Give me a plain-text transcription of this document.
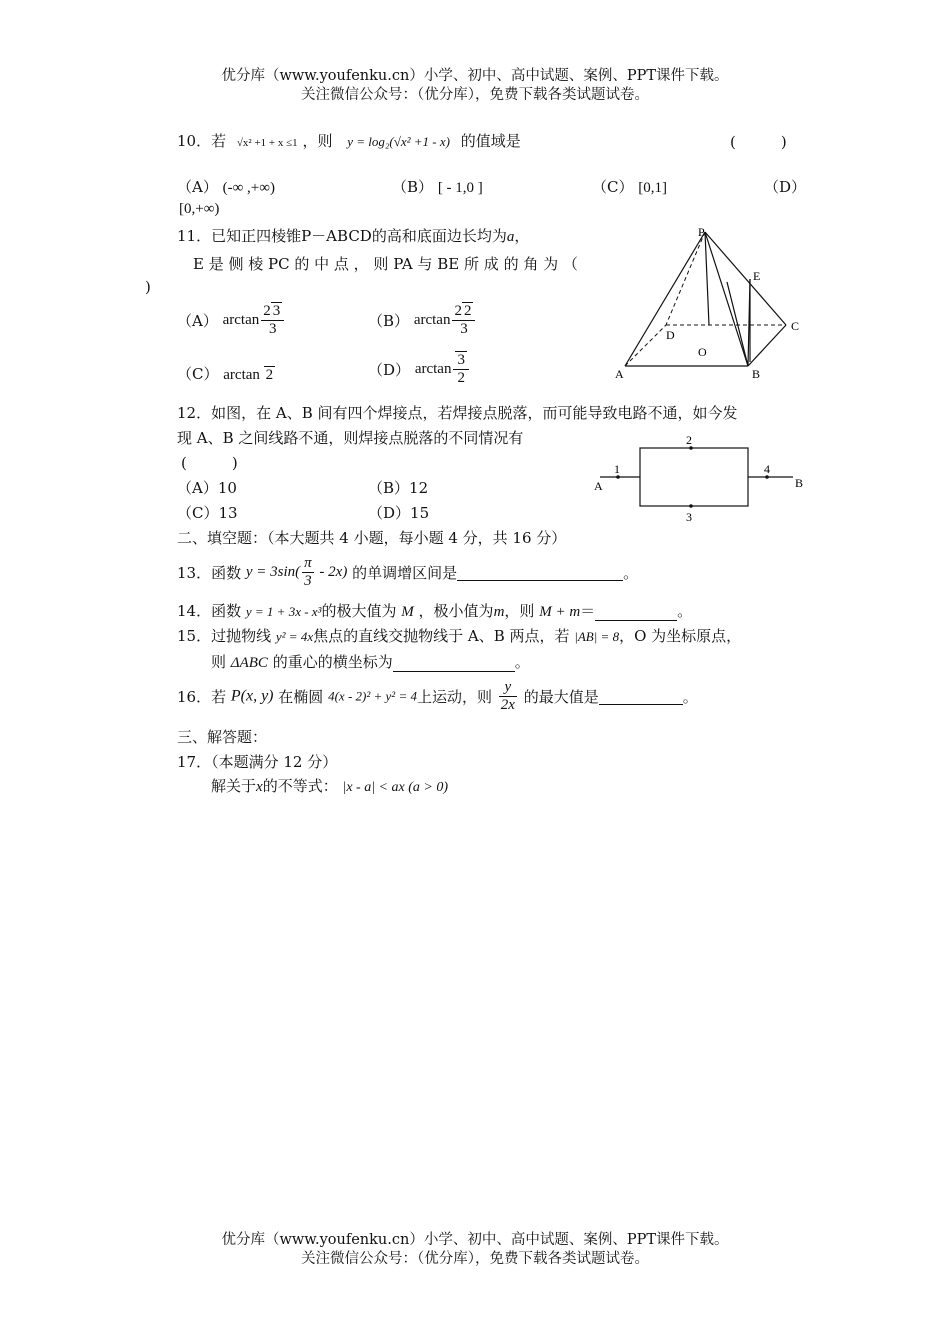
优分库（www.youfenku.cn）小学、初中、高中试题、案例、PPT课件下载。
关注微信公众号：（优分库），免费下载各类试题试卷。
10．若 √x² +1 + x ≤1 ，则 y = log₂(√x² +1 - x) 的值域是	(　　　)
（A） (-∞ ,+∞)	（B） [ - 1,0 ]	（C） [0,1]	（D）
[0,+∞)
11．已知正四棱锥P－ABCD的高和底面边长均为a，
E 是 侧 棱 PC 的 中 点 ， 则 PA 与 BE 所 成 的 角 为 （
)
（A） $\arctan \frac{2 3}{3}$	（B） $\arctan \frac{2 2}{3}$
（C） arctan 2	（D） $\arctan \frac{3}{2}$
P
E
D
C
O
A	B
12．如图，在 A、B 间有四个焊接点，若焊接点脱落，而可能导致电路不通，如今发
现 A、B 之间线路不通，则焊接点脱落的不同情况有
(　　　)
（A）10	（B）12
（C）13	（D）15
A
1
2
3
4
B
二、填空题：（本大题共 4 小题，每小题 4 分，共 16 分）
13．函数 $y = 3\sin( \frac{\pi}{3} - 2x)$ 的单调增区间是	。
14．函数 y = 1 + 3x - x³的极大值为 M ，极小值为m，则 M + m＝	。
15．过抛物线 y² = 4x焦点的直线交抛物线于 A、B 两点，若 |AB| = 8，O 为坐标原点，
则 ΔABC 的重心的横坐标为	。
16．若 P(x, y) 在椭圆 4(x - 2)² + y² = 4上运动，则 $\frac{y}{2x}$ 的最大值是	。
三、解答题：
17．（本题满分 12 分）
解关于x的不等式： |x - a| < ax (a > 0)
优分库（www.youfenku.cn）小学、初中、高中试题、案例、PPT课件下载。
关注微信公众号：（优分库），免费下载各类试题试卷。
